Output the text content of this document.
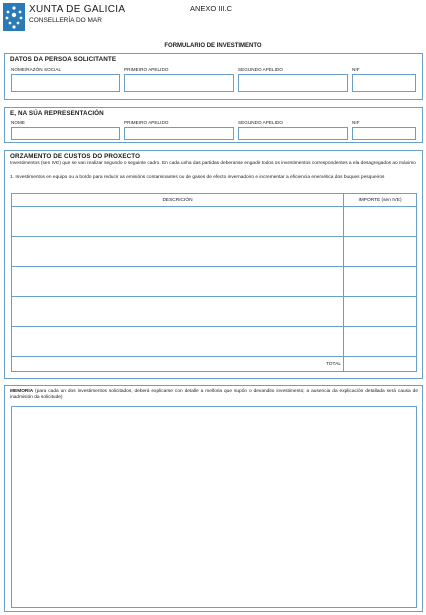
XUNTA DE GALICIA
CONSELLERÍA DO MAR
ANEXO III.C
FORMULARIO DE INVESTIMENTO
DATOS DA PERSOA SOLICITANTE
NOME/RAZÓN SOCIAL	PRIMEIRO APELIDO	SEGUNDO APELIDO	NIF
E, NA SÚA REPRESENTACIÓN
NOME	PRIMEIRO APELIDO	SEGUNDO APELIDO	NIF
ORZAMENTO DE CUSTOS DO PROXECTO
Investimentos (sen IVE) que se van realizar segundo o seguinte cadro. En cada unha das partidas deberanse engadir todos os investimentos correspondentes a ela desagregados ao máximo
1. Investimentos en equipo ou a bordo para reducir as emisións contaminantes ou de gases de efecto invernadoiro e incrementar a eficiencia enerxética dos buques pesqueiros
DESCRICIÓN	IMPORTE (sen IVE)

TOTAL	
MEMORIA (para cada un dos investimentos solicitados, deberá explicarse con detalle a melloria que supón o devandito investimento; a ausencia da explicación detallada será causa de inadmisión da solicitude)
